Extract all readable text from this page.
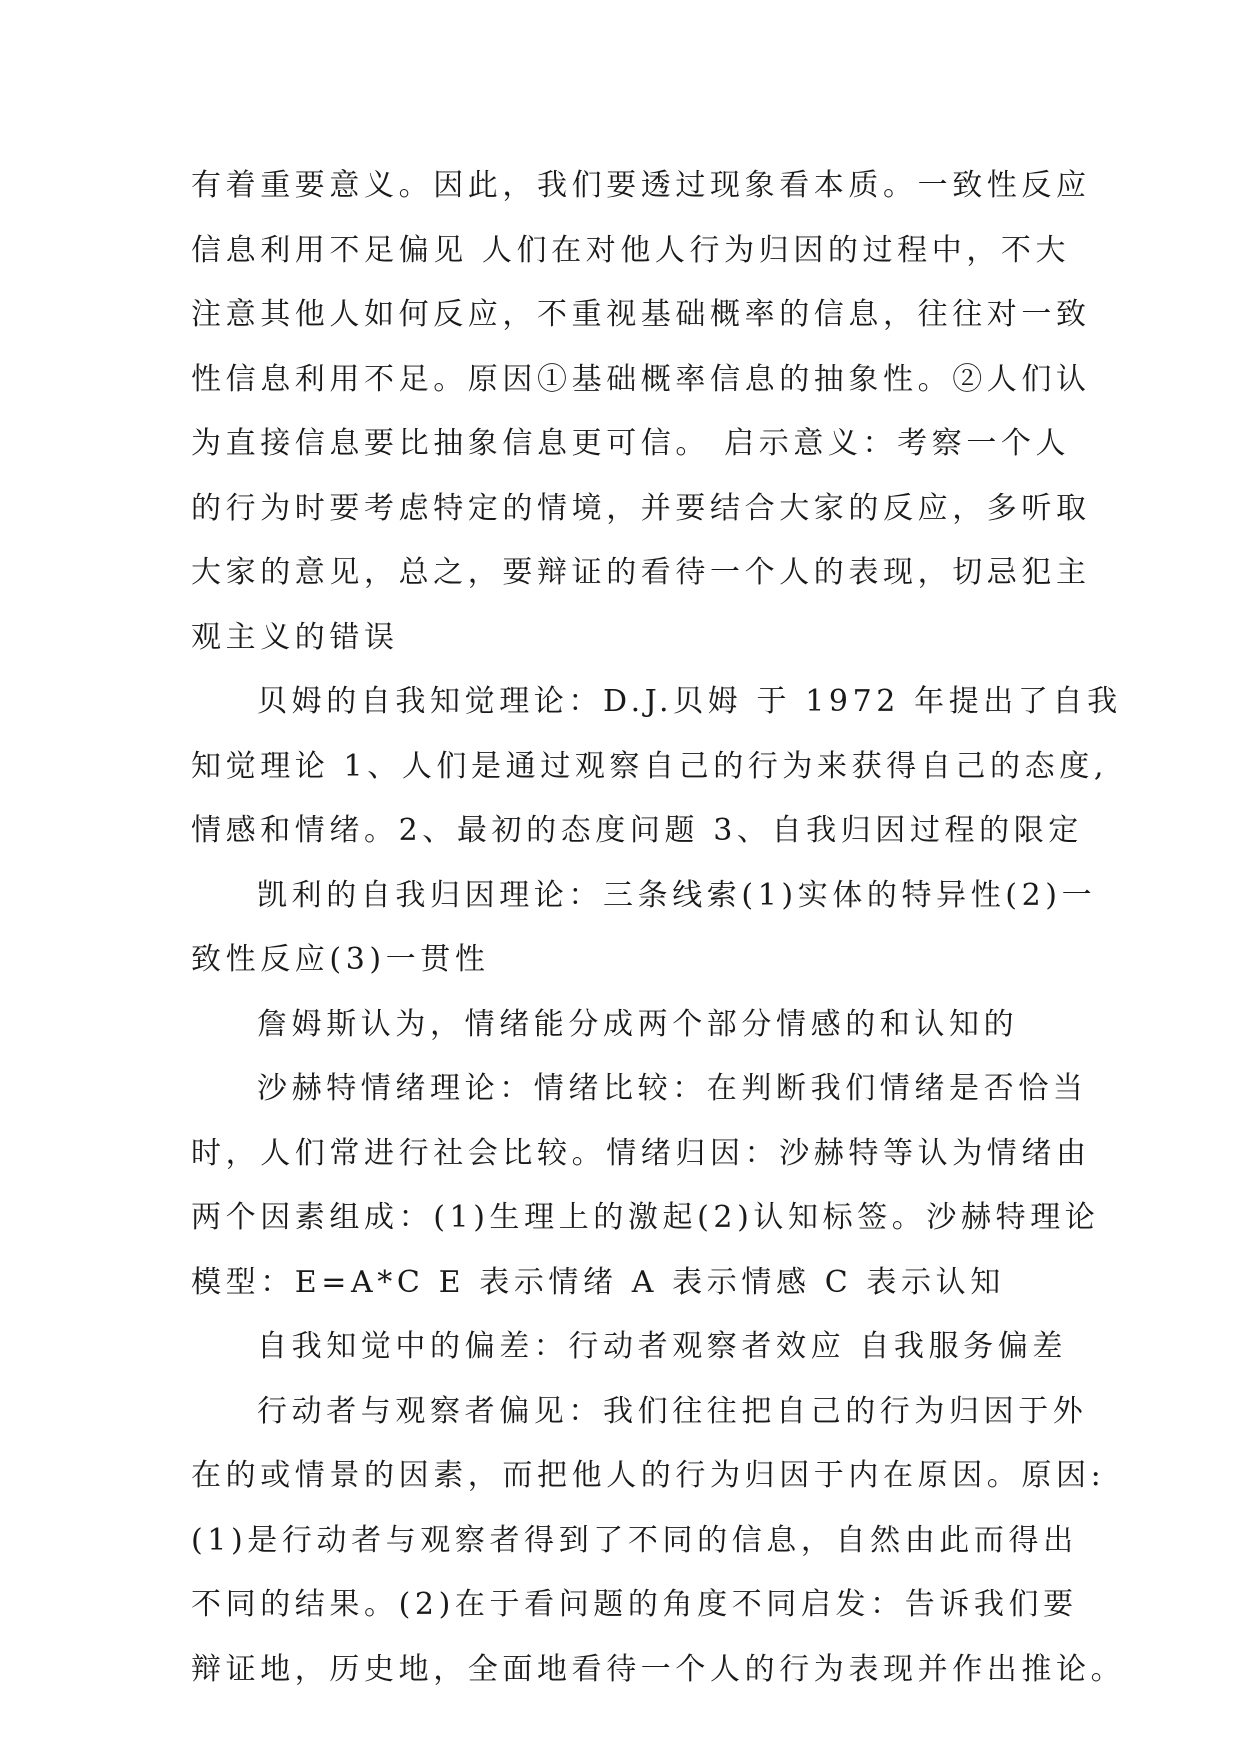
有着重要意义。因此，我们要透过现象看本质。一致性反应
信息利用不足偏见 人们在对他人行为归因的过程中，不大
注意其他人如何反应，不重视基础概率的信息，往往对一致
性信息利用不足。原因①基础概率信息的抽象性。②人们认
为直接信息要比抽象信息更可信。 启示意义：考察一个人
的行为时要考虑特定的情境，并要结合大家的反应，多听取
大家的意见，总之，要辩证的看待一个人的表现，切忌犯主
观主义的错误
贝姆的自我知觉理论：D.J.贝姆 于 1972 年提出了自我
知觉理论 1、人们是通过观察自己的行为来获得自己的态度,
情感和情绪。2、最初的态度问题 3、自我归因过程的限定
凯利的自我归因理论：三条线索(1)实体的特异性(2)一
致性反应(3)一贯性
詹姆斯认为，情绪能分成两个部分情感的和认知的
沙赫特情绪理论：情绪比较：在判断我们情绪是否恰当
时，人们常进行社会比较。情绪归因：沙赫特等认为情绪由
两个因素组成：(1)生理上的激起(2)认知标签。沙赫特理论
模型：E=A*C E 表示情绪 A 表示情感 C 表示认知
自我知觉中的偏差：行动者观察者效应 自我服务偏差
行动者与观察者偏见：我们往往把自己的行为归因于外
在的或情景的因素，而把他人的行为归因于内在原因。原因:
(1)是行动者与观察者得到了不同的信息，自然由此而得出
不同的结果。(2)在于看问题的角度不同启发：告诉我们要
辩证地，历史地，全面地看待一个人的行为表现并作出推论。
